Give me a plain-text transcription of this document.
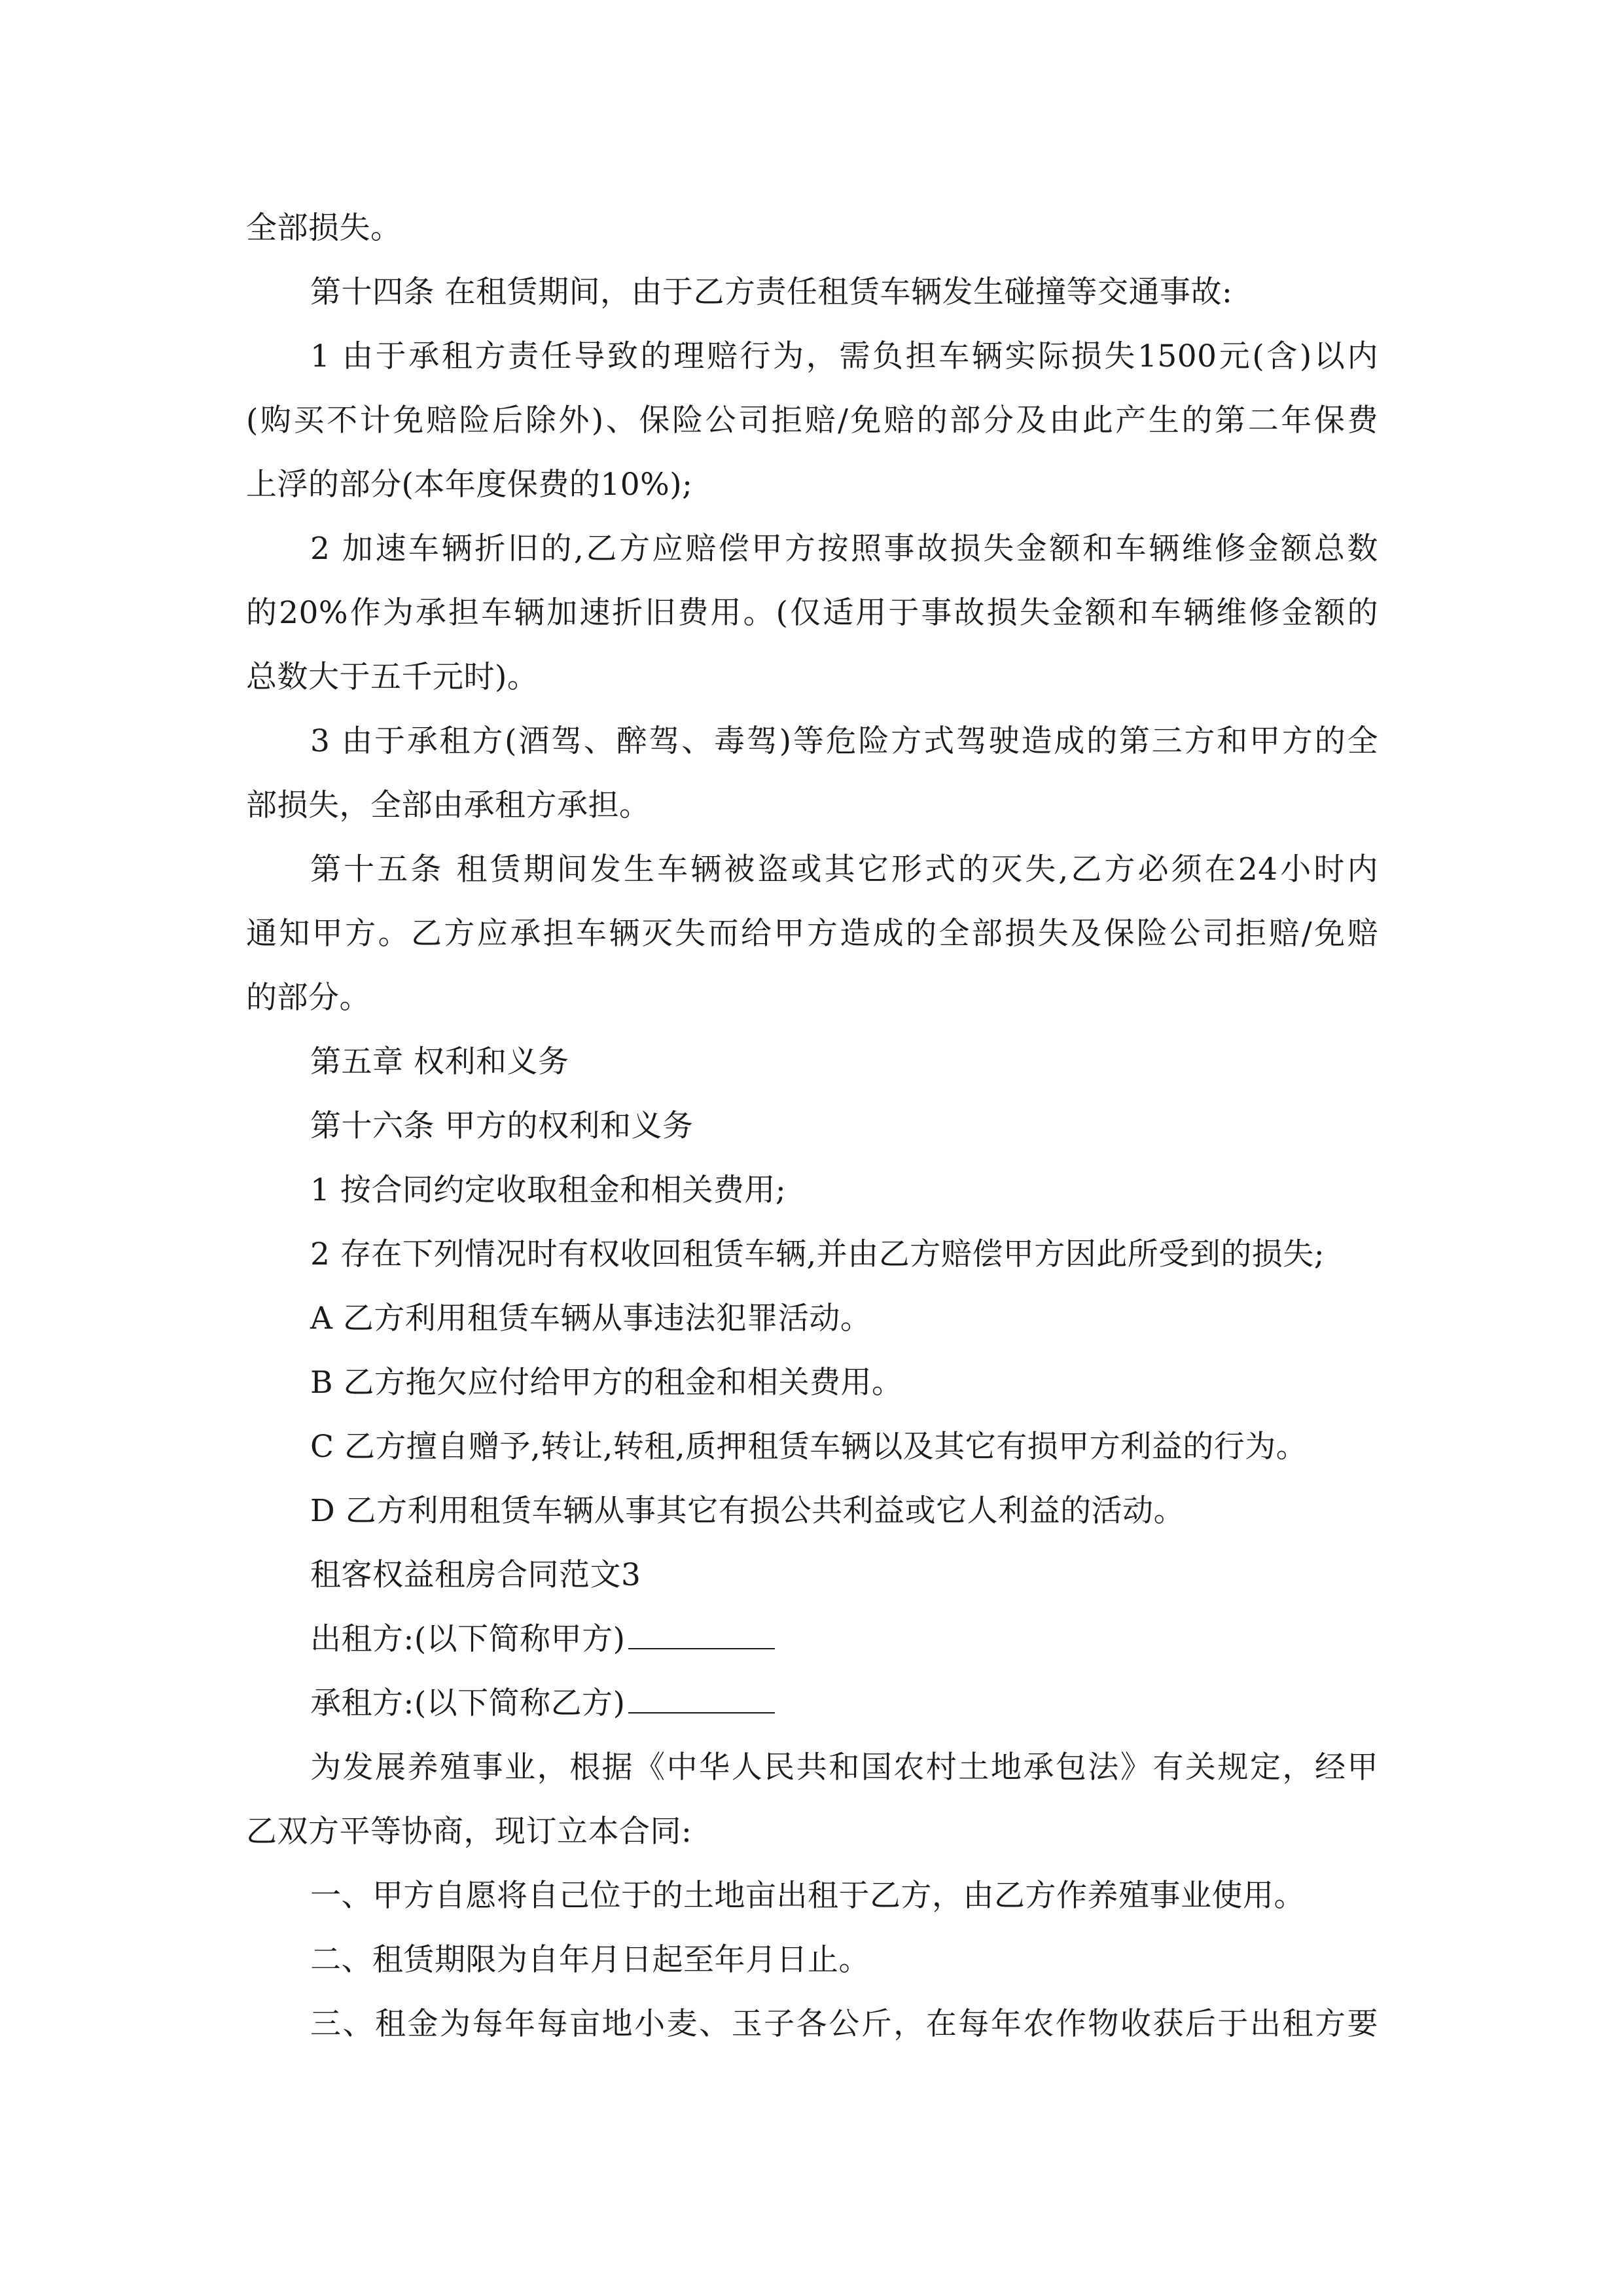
全部损失。
第十四条 在租赁期间，由于乙方责任租赁车辆发生碰撞等交通事故:
1 由于承租方责任导致的理赔行为，需负担车辆实际损失1500元(含)以内
(购买不计免赔险后除外)、保险公司拒赔/免赔的部分及由此产生的第二年保费
上浮的部分(本年度保费的10%);
2 加速车辆折旧的,乙方应赔偿甲方按照事故损失金额和车辆维修金额总数
的20%作为承担车辆加速折旧费用。(仅适用于事故损失金额和车辆维修金额的
总数大于五千元时)。
3 由于承租方(酒驾、醉驾、毒驾)等危险方式驾驶造成的第三方和甲方的全
部损失，全部由承租方承担。
第十五条 租赁期间发生车辆被盗或其它形式的灭失,乙方必须在24小时内
通知甲方。乙方应承担车辆灭失而给甲方造成的全部损失及保险公司拒赔/免赔
的部分。
第五章 权利和义务
第十六条 甲方的权利和义务
1 按合同约定收取租金和相关费用;
2 存在下列情况时有权收回租赁车辆,并由乙方赔偿甲方因此所受到的损失;
A 乙方利用租赁车辆从事违法犯罪活动。
B 乙方拖欠应付给甲方的租金和相关费用。
C 乙方擅自赠予,转让,转租,质押租赁车辆以及其它有损甲方利益的行为。
D 乙方利用租赁车辆从事其它有损公共利益或它人利益的活动。
租客权益租房合同范文3
出租方:(以下简称甲方)
承租方:(以下简称乙方)
为发展养殖事业，根据《中华人民共和国农村土地承包法》有关规定，经甲
乙双方平等协商，现订立本合同:
一、甲方自愿将自己位于的土地亩出租于乙方，由乙方作养殖事业使用。
二、租赁期限为自年月日起至年月日止。
三、租金为每年每亩地小麦、玉子各公斤，在每年农作物收获后于出租方要
